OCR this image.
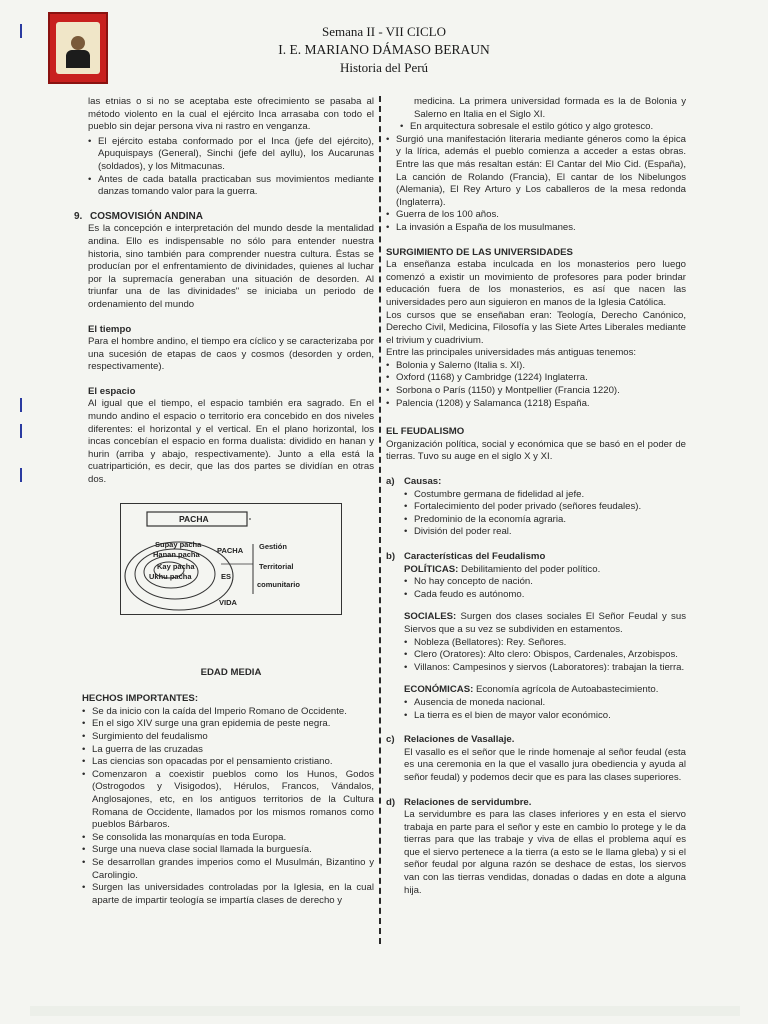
Semana II - VII CICLO
I. E. MARIANO DÁMASO BERAUN
Historia del Perú

las etnias o si no se aceptaba este ofrecimiento se pasaba al método violento en la cual el ejército Inca arrasaba con todo el pueblo sin dejar persona viva ni rastro en venganza.

• El ejército estaba conformado por el Inca (jefe del ejército), Apuquispays (General), Sinchi (jefe del ayllu), los Aucarunas (soldados), y los Mitmacunas.
• Antes de cada batalla practicaban sus movimientos mediante danzas tomando valor para la guerra.
9. COSMOVISIÓN ANDINA

Es la concepción e interpretación del mundo desde la mentalidad andina. Ello es indispensable no sólo para entender nuestra historia, sino también para comprender nuestra cultura. Éstas se producían por el enfrentamiento de divinidades, quienes al luchar por la supremacía generaban una situación de desorden. Al triunfar una de las divinidades" se iniciaba un periodo de ordenamiento del mundo

El tiempo

Para el hombre andino, el tiempo era cíclico y se caracterizaba por una sucesión de etapas de caos y cosmos (desorden y orden, respectivamente).

El espacio

Al igual que el tiempo, el espacio también era sagrado. En el mundo andino el espacio o territorio era concebido en dos niveles diferentes: el horizontal y el vertical. En el plano horizontal, los incas concebían el espacio en forma dualista: dividido en hanan y hurin (arriba y abajo, respectivamente). Junto a ella está la cuatripartición, es decir, que las dos partes se dividían en otras dos.

PACHA
Supay pacha
Hanan pacha
Kay pacha
Ukhu pacha
PACHA
ES
VIDA
Gestión
Territorial
comunitario

EDAD MEDIA

HECHOS IMPORTANTES:

• Se da inicio con la caída del Imperio Romano de Occidente.
• En el sigo XIV surge una gran epidemia de peste negra.
• Surgimiento del feudalismo
• La guerra de las cruzadas
• Las ciencias son opacadas por el pensamiento cristiano.
• Comenzaron a coexistir pueblos como los Hunos, Godos (Ostrogodos y Visigodos), Hérulos, Francos, Vándalos, Anglosajones, etc, en los antiguos territorios de la Cultura Romana de Occidente, llamados por los mismos romanos como pueblos Bárbaros.
• Se consolida las monarquías en toda Europa.
• Surge una nueva clase social llamada la burguesía.
• Se desarrollan grandes imperios como el Musulmán, Bizantino y Carolingio.
• Surgen las universidades controladas por la Iglesia, en la cual aparte de impartir teología se impartía clases de derecho y

medicina. La primera universidad formada es la de Bolonia y Salerno en Italia en el Siglo XI.

• En arquitectura sobresale el estilo gótico y algo grotesco.
• Surgió una manifestación literaria mediante géneros como la épica y la lírica, además el pueblo comienza a acceder a estas obras. Entre las que más resaltan están: El Cantar del Mio Cid. (España), La canción de Rolando (Francia), El cantar de los Nibelungos (Alemania), El Rey Arturo y Los caballeros de la mesa redonda (Inglaterra).
• Guerra de los 100 años.
• La invasión a España de los musulmanes.

SURGIMIENTO DE LAS UNIVERSIDADES

La enseñanza estaba inculcada en los monasterios pero luego comenzó a existir un movimiento de profesores para poder brindar educación fuera de los monasterios, es así que nacen las universidades pero aun siguieron en manos de la Iglesia Católica.

Los cursos que se enseñaban eran: Teología, Derecho Canónico, Derecho Civil, Medicina, Filosofía y las Siete Artes Liberales mediante el trivium y cuadrivium.

Entre las principales universidades más antiguas tenemos:

• Bolonia y Salerno (Italia s. XI).
• Oxford (1168) y Cambridge (1224) Inglaterra.
• Sorbona o París (1150) y Montpellier (Francia 1220).
• Palencia (1208) y Salamanca (1218) España.

EL FEUDALISMO

Organización política, social y económica que se basó en el poder de tierras. Tuvo su auge en el siglo X y XI.

a) Causas:
• Costumbre germana de fidelidad al jefe.
• Fortalecimiento del poder privado (señores feudales).
• Predominio de la economía agraria.
• División del poder real.
b) Características del Feudalismo

POLÍTICAS: Debilitamiento del poder político.

• No hay concepto de nación.
• Cada feudo es autónomo.

SOCIALES: Surgen dos clases sociales El Señor Feudal y sus Siervos que a su vez se subdividen en estamentos.

• Nobleza (Bellatores): Rey. Señores.
• Clero (Oratores): Alto clero: Obispos, Cardenales, Arzobispos.
• Villanos: Campesinos y siervos (Laboratores): trabajan la tierra.

ECONÓMICAS: Economía agrícola de Autoabastecimiento.

• Ausencia de moneda nacional.
• La tierra es el bien de mayor valor económico.
c) Relaciones de Vasallaje.

El vasallo es el señor que le rinde homenaje al señor feudal (esta es una ceremonia en la que el vasallo jura obediencia y ayuda al señor feudal) y podemos decir que es para las clases superiores.

d) Relaciones de servidumbre.

La servidumbre es para las clases inferiores y en esta el siervo trabaja en parte para el señor y este en cambio lo protege y le da tierras para que las trabaje y viva de ellas el problema aquí es que el siervo pertenece a la tierra (a esto se le llama gleba) y si el señor feudal por alguna razón se deshace de estas, los siervos van con las tierras vendidas, donadas o dadas en dote a alguna hija.
